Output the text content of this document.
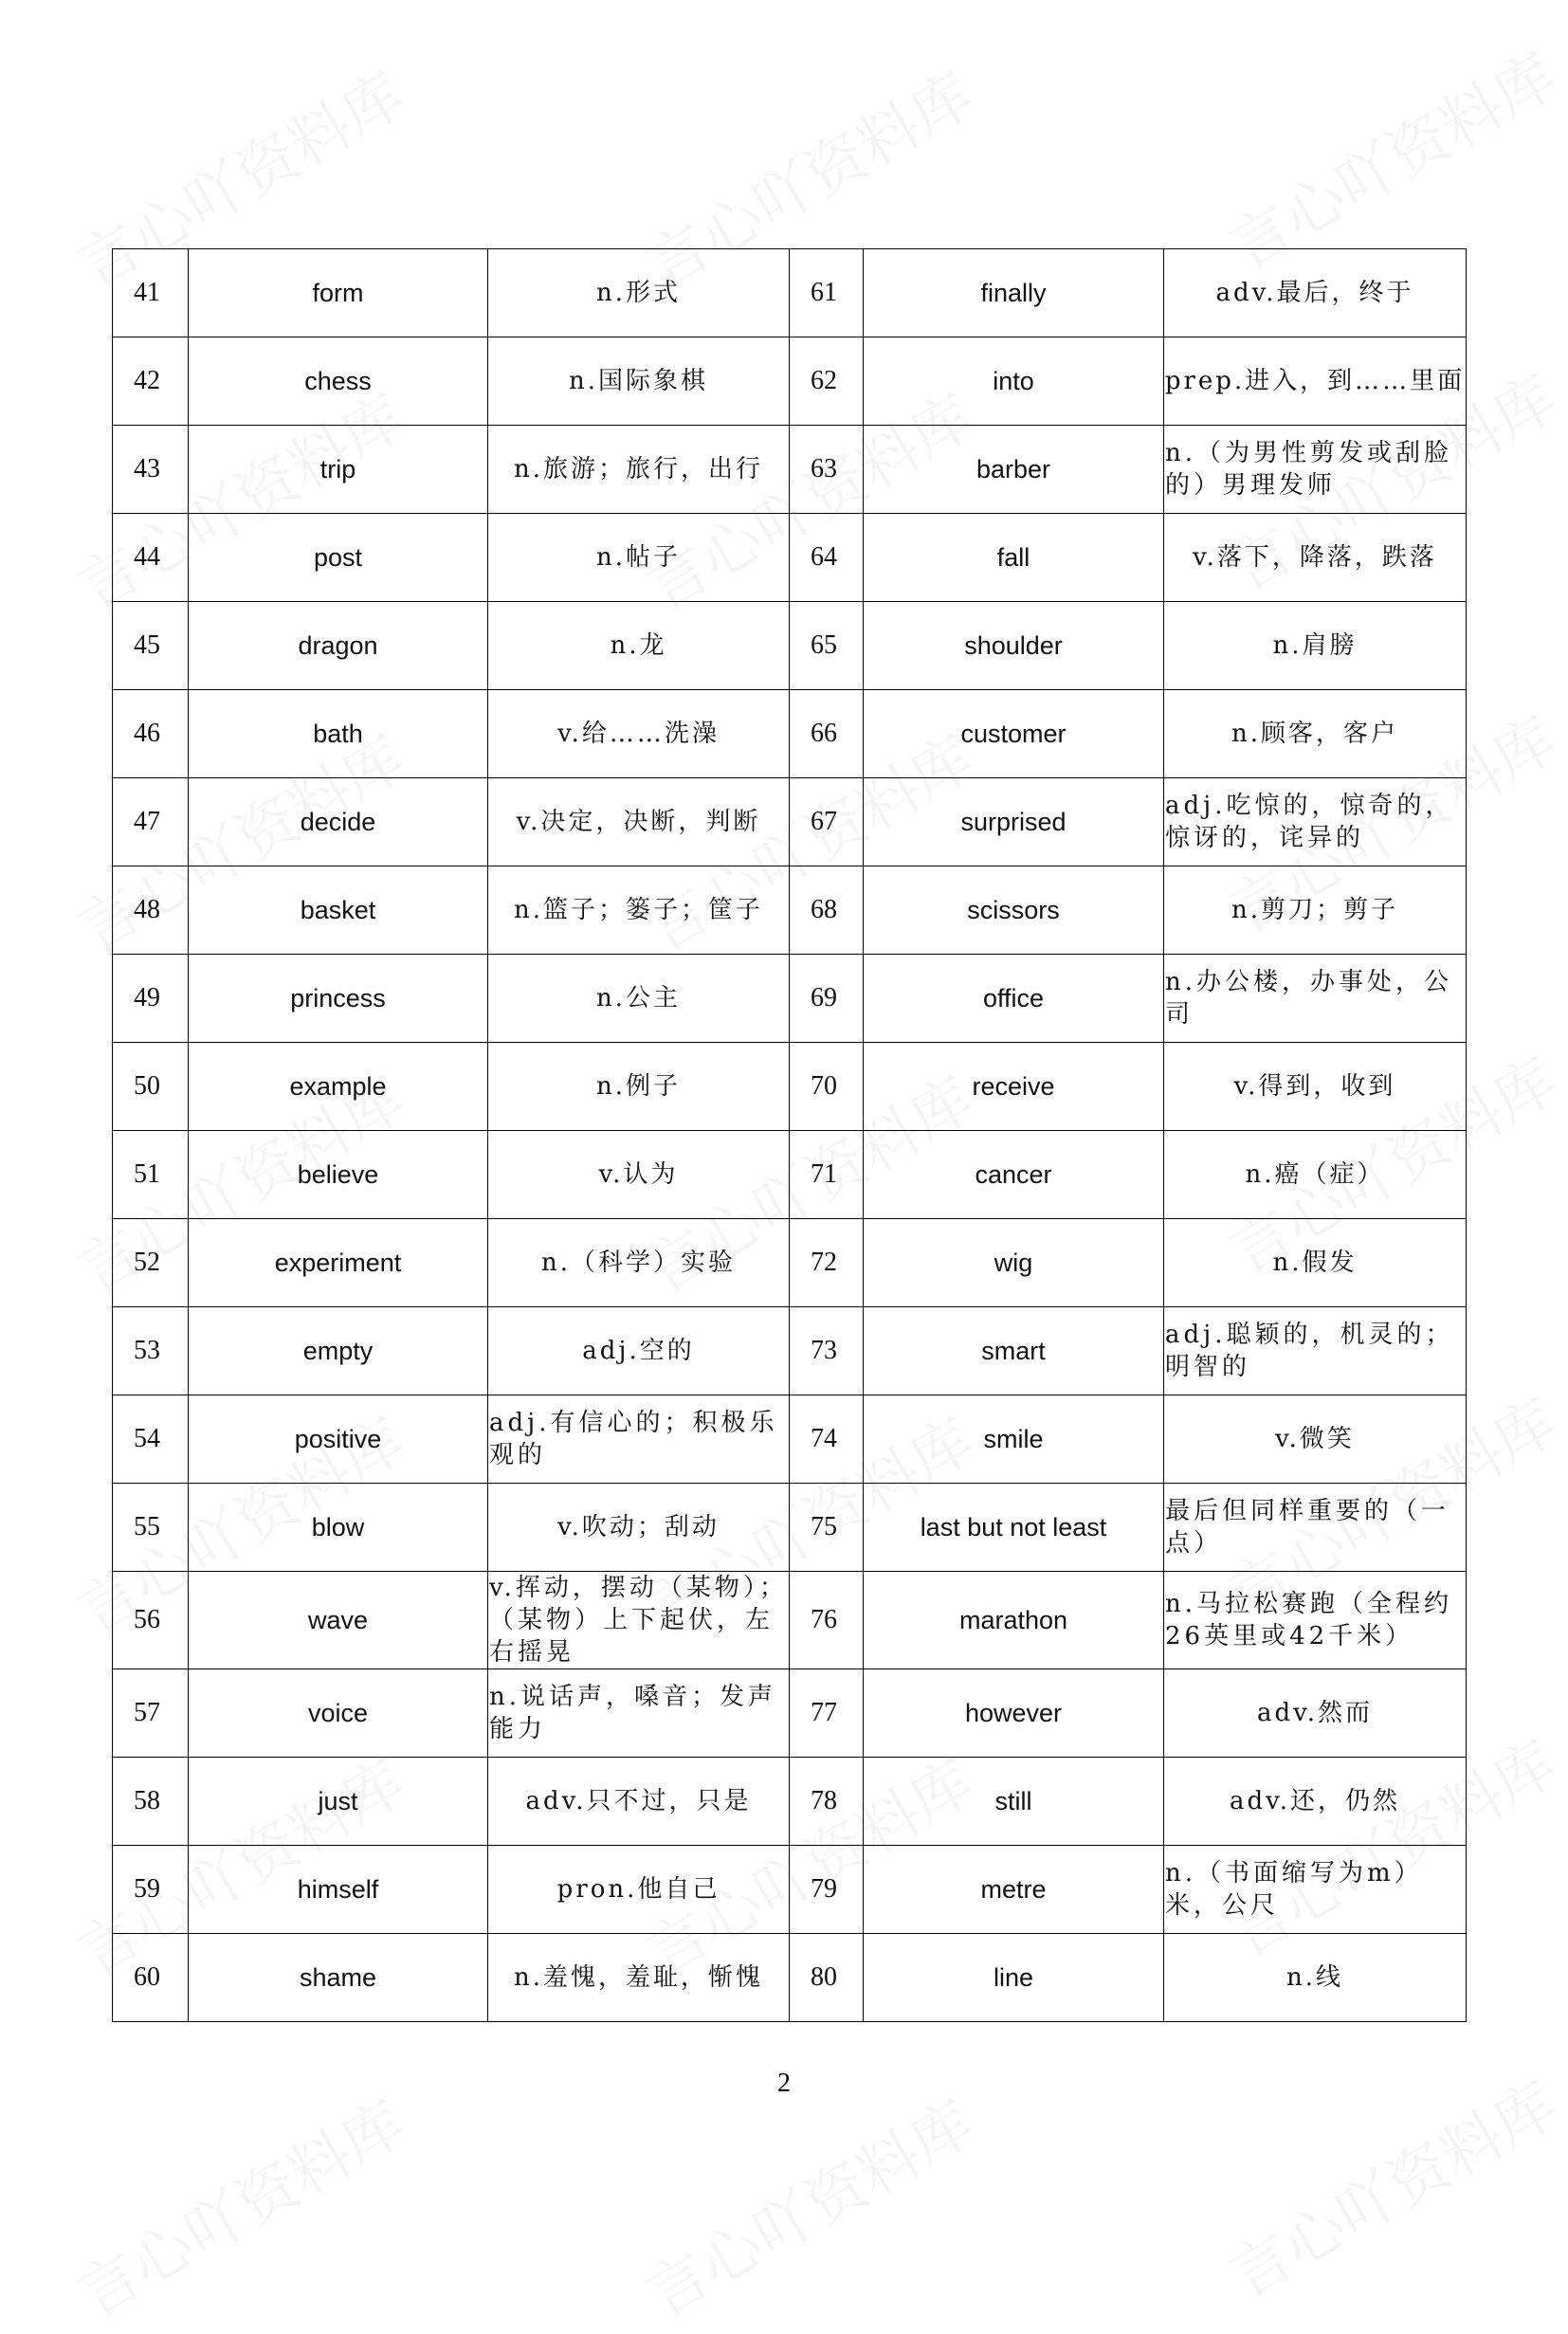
41	form	n.形式	61	finally	adv.最后，终于
42	chess	n.国际象棋	62	into	prep.进入，到……里面
43	trip	n.旅游；旅行，出行	63	barber	n.（为男性剪发或刮脸的）男理发师
44	post	n.帖子	64	fall	v.落下，降落，跌落
45	dragon	n.龙	65	shoulder	n.肩膀
46	bath	v.给……洗澡	66	customer	n.顾客，客户
47	decide	v.决定，决断，判断	67	surprised	adj.吃惊的，惊奇的，惊讶的，诧异的
48	basket	n.篮子；篓子；筐子	68	scissors	n.剪刀；剪子
49	princess	n.公主	69	office	n.办公楼，办事处，公司
50	example	n.例子	70	receive	v.得到，收到
51	believe	v.认为	71	cancer	n.癌（症）
52	experiment	n.（科学）实验	72	wig	n.假发
53	empty	adj.空的	73	smart	adj.聪颖的，机灵的；明智的
54	positive	adj.有信心的；积极乐观的	74	smile	v.微笑
55	blow	v.吹动；刮动	75	last but not least	最后但同样重要的（一点）
56	wave	v.挥动，摆动（某物）；（某物）上下起伏，左右摇晃	76	marathon	n.马拉松赛跑（全程约26英里或42千米）
57	voice	n.说话声，嗓音；发声能力	77	however	adv.然而
58	just	adv.只不过，只是	78	still	adv.还，仍然
59	himself	pron.他自己	79	metre	n.（书面缩写为m）米，公尺
60	shame	n.羞愧，羞耻，惭愧	80	line	n.线
2
